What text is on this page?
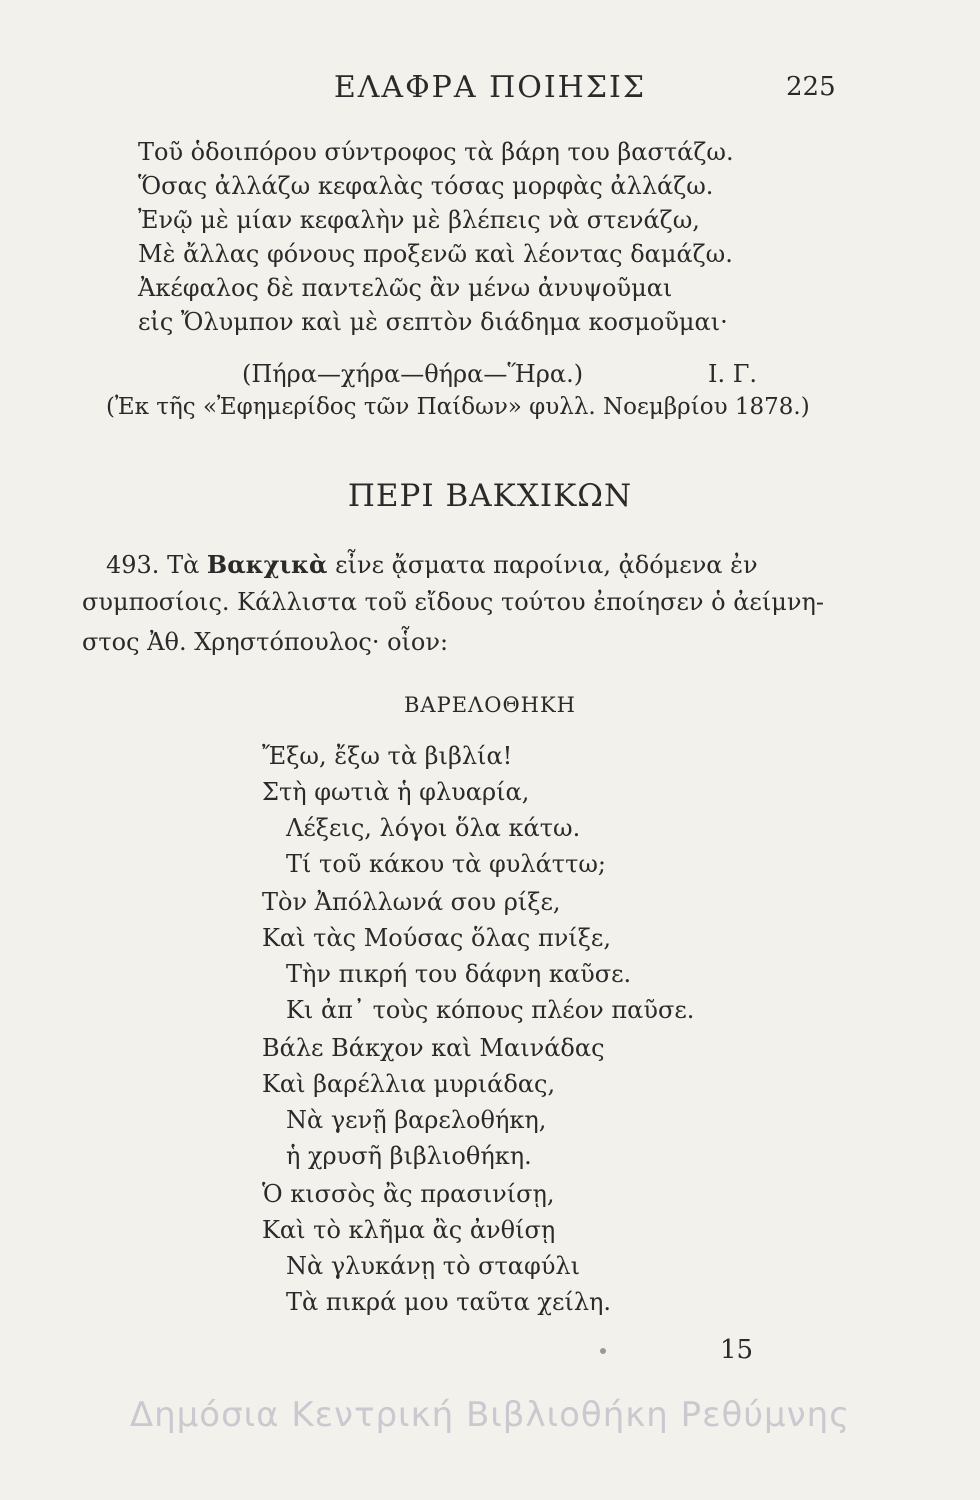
ΕΛΑΦΡΑ ΠΟΙΗΣΙΣ	225
Τοῦ ὁδοιπόρου σύντροφος τὰ βάρη του βαστάζω.
Ὅσας ἀλλάζω κεφαλὰς τόσας μορφὰς ἀλλάζω.
Ἐνῷ μὲ μίαν κεφαλὴν μὲ βλέπεις νὰ στενάζω,
Μὲ ἄλλας φόνους προξενῶ καὶ λέοντας δαμάζω.
Ἀκέφαλος δὲ παντελῶς ἂν μένω ἀνυψοῦμαι
εἰς Ὄλυμπον καὶ μὲ σεπτὸν διάδημα κοσμοῦμαι·
(Πήρα—χήρα—θήρα—Ἥρα.)	Ι. Γ.
(Ἐκ τῆς «Ἐφημερίδος τῶν Παίδων» φυλλ. Νοεμβρίου 1878.)
ΠΕΡΙ ΒΑΚΧΙΚΩΝ
493. Τὰ Βακχικὰ εἶνε ᾄσματα παροίνια, ᾀδόμενα ἐν
συμποσίοις. Κάλλιστα τοῦ εἴδους τούτου ἐποίησεν ὁ ἀείμνη-
στος Ἀθ. Χρηστόπουλος· οἷον:
ΒΑΡΕΛΟΘΗΚΗ
Ἔξω, ἔξω τὰ βιβλία!
Στὴ φωτιὰ ἡ φλυαρία,
Λέξεις, λόγοι ὅλα κάτω.
Τί τοῦ κάκου τὰ φυλάττω;
Τὸν Ἀπόλλωνά σου ρίξε,
Καὶ τὰς Μούσας ὅλας πνίξε,
Τὴν πικρή του δάφνη καῦσε.
Κι ἀπ᾽ τοὺς κόπους πλέον παῦσε.
Βάλε Βάκχον καὶ Μαινάδας
Καὶ βαρέλλια μυριάδας,
Νὰ γενῇ βαρελοθήκη,
ἡ χρυσῆ βιβλιοθήκη.
Ὁ κισσὸς ἂς πρασινίσῃ,
Καὶ τὸ κλῆμα ἂς ἀνθίσῃ
Νὰ γλυκάνῃ τὸ σταφύλι
Τὰ πικρά μου ταῦτα χείλη.
15
Δημόσια Κεντρική Βιβλιοθήκη Ρεθύμνης
